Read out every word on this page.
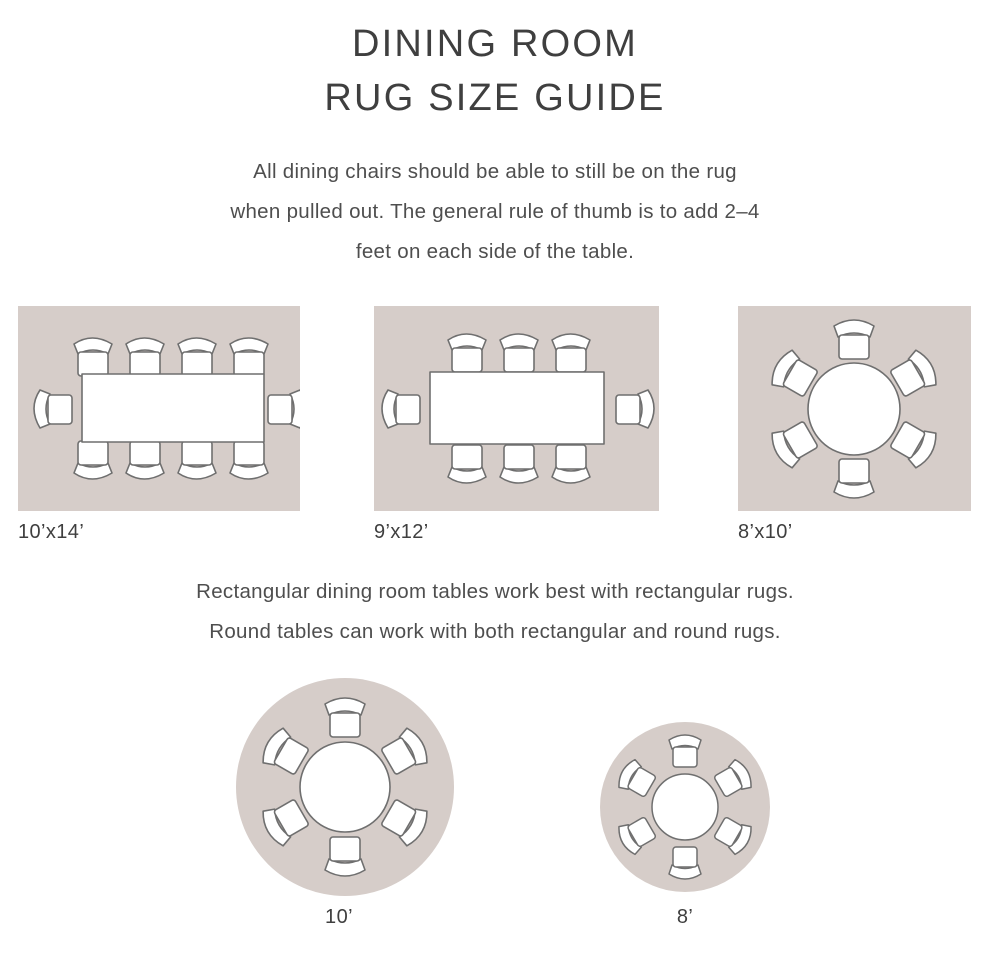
DINING ROOM
RUG SIZE GUIDE
All dining chairs should be able to still be on the rug
when pulled out. The general rule of thumb is to add 2–4
feet on each side of the table.
10’x14’	9’x12’	8’x10’
Rectangular dining room tables work best with rectangular rugs.
Round tables can work with both rectangular and round rugs.
10’	8’
